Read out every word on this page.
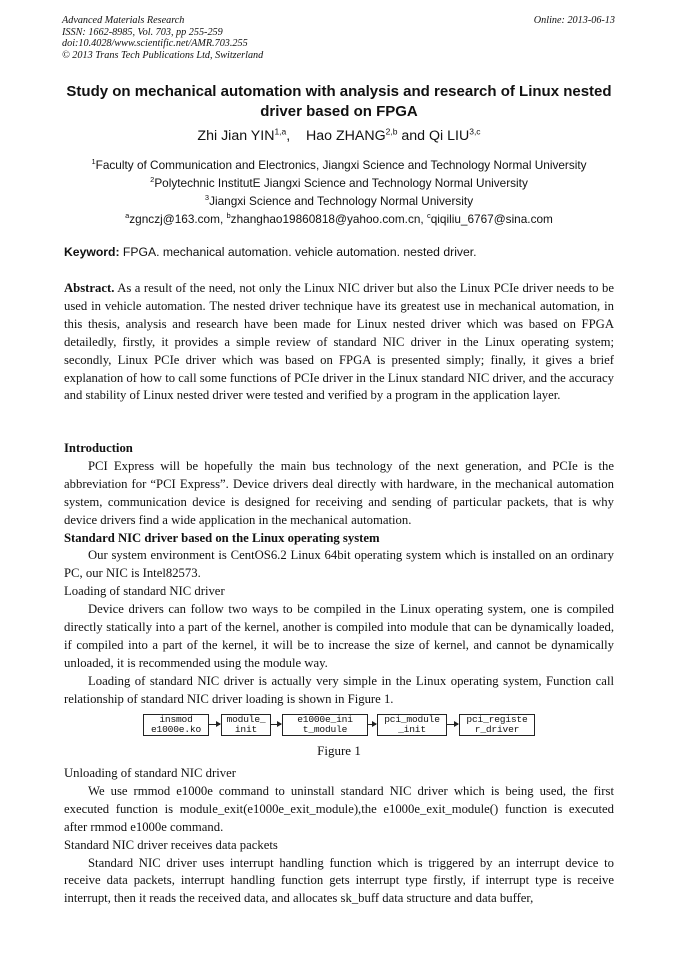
Advanced Materials Research
ISSN: 1662-8985, Vol. 703, pp 255-259
doi:10.4028/www.scientific.net/AMR.703.255
© 2013 Trans Tech Publications Ltd, Switzerland
Online: 2013-06-13
Study on mechanical automation with analysis and research of Linux nested driver based on FPGA
Zhi Jian YIN$^{1,a}$,    Hao ZHANG$^{2,b}$ and Qi LIU$^{3,c}$
$^1$Faculty of Communication and Electronics, Jiangxi Science and Technology Normal University
$^2$Polytechnic InstitutE Jiangxi Science and Technology Normal University
$^3$Jiangxi Science and Technology Normal University
$^a$zgnczj@163.com, $^b$zhanghao19860818@yahoo.com.cn, $^c$qiqiliu_6767@sina.com
Keyword: FPGA. mechanical automation. vehicle automation. nested driver.

Abstract. As a result of the need, not only the Linux NIC driver but also the Linux PCIe driver needs to be used in vehicle automation. The nested driver technique have its greatest use in mechanical automation, in this thesis, analysis and research have been made for Linux nested driver which was based on FPGA detailedly, firstly, it provides a simple review of standard NIC driver in the Linux operating system; secondly, Linux PCIe driver which was based on FPGA is presented simply; finally, it gives a brief explanation of how to call some functions of PCIe driver in the Linux standard NIC driver, and the accuracy and stability of Linux nested driver were tested and verified by a program in the application layer.

Introduction

PCI Express will be hopefully the main bus technology of the next generation, and PCIe is the abbreviation for “PCI Express”. Device drivers deal directly with hardware, in the mechanical automation system, communication device is designed for receiving and sending of particular packets, that is why device drivers find a wide application in the mechanical automation.

Standard NIC driver based on the Linux operating system

Our system environment is CentOS6.2 Linux 64bit operating system which is installed on an ordinary PC, our NIC is Intel82573.

Loading of standard NIC driver

Device drivers can follow two ways to be compiled in the Linux operating system, one is compiled directly statically into a part of the kernel, another is compiled into module that can be dynamically loaded, if compiled into a part of the kernel, it will be to increase the size of kernel, and cannot be dynamically unloaded, it is recommended using the module way.

Loading of standard NIC driver is actually very simple in the Linux operating system, Function call relationship of standard NIC driver loading is shown in Figure 1.

insmod
e1000e.ko
module_
init
e1000e_ini
t_module
pci_module
_init
pci_registe
r_driver
Figure 1

Unloading of standard NIC driver

We use rmmod e1000e command to uninstall standard NIC driver which is being used, the first executed function is module_exit(e1000e_exit_module),the e1000e_exit_module() function is executed after rmmod e1000e command.

Standard NIC driver receives data packets

Standard NIC driver uses interrupt handling function which is triggered by an interrupt device to receive data packets, interrupt handling function gets interrupt type firstly, if interrupt type is receive interrupt, then it reads the received data, and allocates sk_buff data structure and data buffer,
